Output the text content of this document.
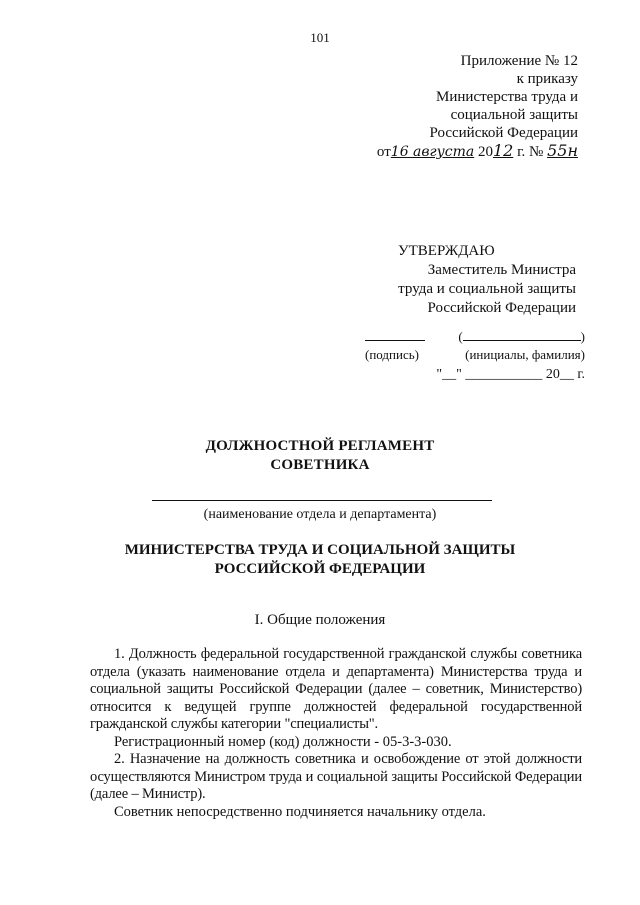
101
Приложение № 12
к приказу
Министерства труда и
социальной защиты
Российской Федерации
от16 августа 2012 г. № 55н
УТВЕРЖДАЮ
Заместитель Министра
труда и социальной защиты
Российской Федерации
(	)
(подпись)	(инициалы, фамилия)
"__" ___________ 20__ г.
ДОЛЖНОСТНОЙ РЕГЛАМЕНТ
СОВЕТНИКА
(наименование отдела и департамента)
МИНИСТЕРСТВА ТРУДА И СОЦИАЛЬНОЙ ЗАЩИТЫ
РОССИЙСКОЙ ФЕДЕРАЦИИ
I. Общие положения

1. Должность федеральной государственной гражданской службы советника отдела (указать наименование отдела и департамента) Министерства труда и социальной защиты Российской Федерации (далее – советник, Министерство) относится к ведущей группе должностей федеральной государственной гражданской службы категории "специалисты".

Регистрационный номер (код) должности - 05-3-3-030.

2. Назначение на должность советника и освобождение от этой должности осуществляются Министром труда и социальной защиты Российской Федерации (далее – Министр).

Советник непосредственно подчиняется начальнику отдела.
